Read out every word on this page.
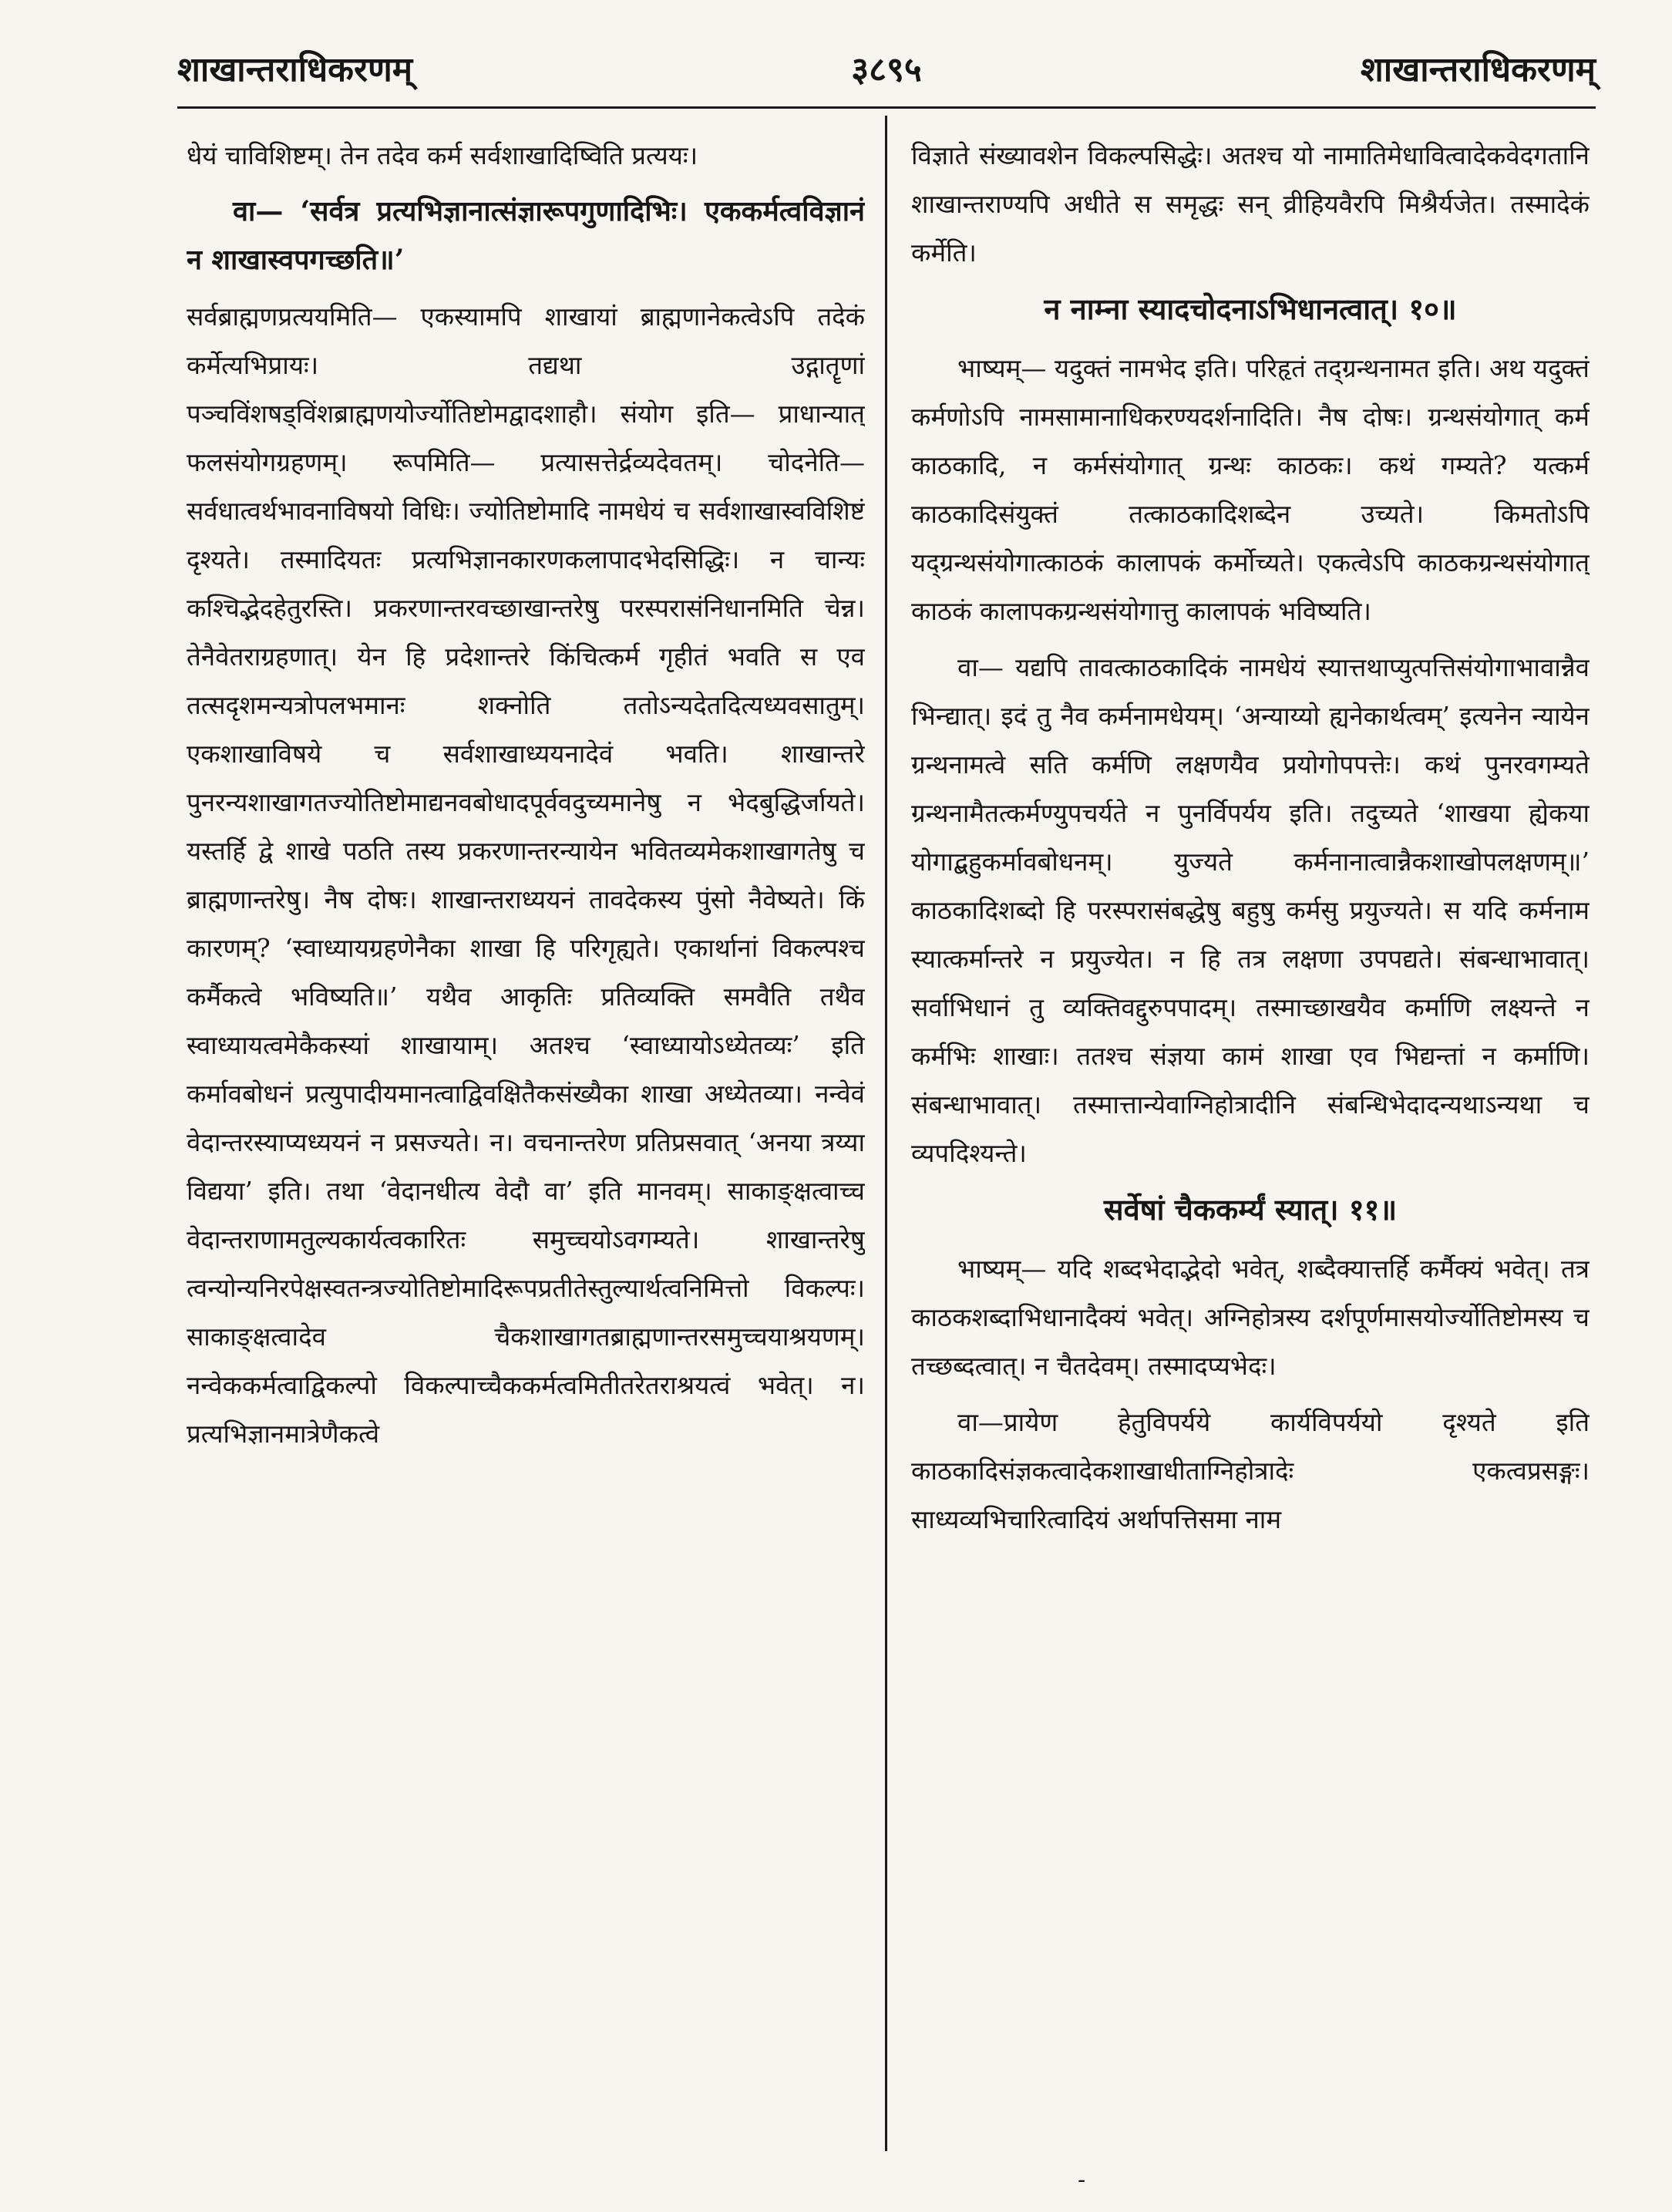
शाखान्तराधिकरणम्	३८९५	शाखान्तराधिकरणम्

धेयं चाविशिष्टम्। तेन तदेव कर्म सर्वशाखादिष्विति प्रत्ययः।

वा— ‘सर्वत्र प्रत्यभिज्ञानात्संज्ञारूपगुणादिभिः। एककर्मत्वविज्ञानं न शाखास्वपगच्छति॥’

सर्वब्राह्मणप्रत्ययमिति— एकस्यामपि शाखायां ब्राह्मणानेकत्वेऽपि तदेकं कर्मेत्यभिप्रायः। तद्यथा उद्गातॄणां पञ्चविंशषड्विंशब्राह्मणयोर्ज्योतिष्टोमद्वादशाहौ। संयोग इति— प्राधान्यात् फलसंयोगग्रहणम्। रूपमिति— प्रत्यासत्तेर्द्रव्यदेवतम्। चोदनेति— सर्वधात्वर्थभावनाविषयो विधिः। ज्योतिष्टोमादि नामधेयं च सर्वशाखास्वविशिष्टं दृश्यते। तस्मादियतः प्रत्यभिज्ञानकारणकलापादभेदसिद्धिः। न चान्यः कश्चिद्भेदहेतुरस्ति। प्रकरणान्तरवच्छाखान्तरेषु परस्परासंनिधानमिति चेन्न। तेनैवेतराग्रहणात्। येन हि प्रदेशान्तरे किंचित्कर्म गृहीतं भवति स एव तत्सदृशमन्यत्रोपलभमानः शक्नोति ततोऽन्यदेतदित्यध्यवसातुम्। एकशाखाविषये च सर्वशाखाध्ययनादेवं भवति। शाखान्तरे पुनरन्यशाखागतज्योतिष्टोमाद्यनवबोधादपूर्ववदुच्यमानेषु न भेदबुद्धिर्जायते। यस्तर्हि द्वे शाखे पठति तस्य प्रकरणान्तरन्यायेन भवितव्यमेकशाखागतेषु च ब्राह्मणान्तरेषु। नैष दोषः। शाखान्तराध्ययनं तावदेकस्य पुंसो नैवेष्यते। किं कारणम्? ‘स्वाध्यायग्रहणेनैका शाखा हि परिगृह्यते। एकार्थानां विकल्पश्च कर्मैकत्वे भविष्यति॥’ यथैव आकृतिः प्रतिव्यक्ति समवैति तथैव स्वाध्यायत्वमेकैकस्यां शाखायाम्। अतश्च ‘स्वाध्यायोऽध्येतव्यः’ इति कर्मावबोधनं प्रत्युपादीयमानत्वाद्विवक्षितैकसंख्यैका शाखा अध्येतव्या। नन्वेवं वेदान्तरस्याप्यध्ययनं न प्रसज्यते। न। वचनान्तरेण प्रतिप्रसवात् ‘अनया त्रय्या विद्यया’ इति। तथा ‘वेदानधीत्य वेदौ वा’ इति मानवम्। साकाङ्क्षत्वाच्च वेदान्तराणामतुल्यकार्यत्वकारितः समुच्चयोऽवगम्यते। शाखान्तरेषु त्वन्योन्यनिरपेक्षस्वतन्त्रज्योतिष्टोमादिरूपप्रतीतेस्तुल्यार्थत्वनिमित्तो विकल्पः। साकाङ्क्षत्वादेव चैकशाखागतब्राह्मणान्तरसमुच्चयाश्रयणम्। नन्वेककर्मत्वाद्विकल्पो विकल्पाच्चैककर्मत्वमितीतरेतराश्रयत्वं भवेत्। न। प्रत्यभिज्ञानमात्रेणैकत्वे

विज्ञाते संख्यावशेन विकल्पसिद्धेः। अतश्च यो नामातिमेधावित्वादेकवेदगतानि शाखान्तराण्यपि अधीते स समृद्धः सन् व्रीहियवैरपि मिश्रैर्यजेत। तस्मादेकं कर्मेति।

न नाम्ना स्यादचोदनाऽभिधानत्वात्। १०॥

भाष्यम्— यदुक्तं नामभेद इति। परिहृतं तद्ग्रन्थनामत इति। अथ यदुक्तं कर्मणोऽपि नामसामानाधिकरण्यदर्शनादिति। नैष दोषः। ग्रन्थसंयोगात् कर्म काठकादि, न कर्मसंयोगात् ग्रन्थः काठकः। कथं गम्यते? यत्कर्म काठकादिसंयुक्तं तत्काठकादिशब्देन उच्यते। किमतोऽपि यद्ग्रन्थसंयोगात्काठकं कालापकं कर्मोच्यते। एकत्वेऽपि काठकग्रन्थसंयोगात् काठकं कालापकग्रन्थसंयोगात्तु कालापकं भविष्यति।

वा— यद्यपि तावत्काठकादिकं नामधेयं स्यात्तथाप्युत्पत्तिसंयोगाभावान्नैव भिन्द्यात्। इदं तु नैव कर्मनामधेयम्। ‘अन्याय्यो ह्यनेकार्थत्वम्’ इत्यनेन न्यायेन ग्रन्थनामत्वे सति कर्मणि लक्षणयैव प्रयोगोपपत्तेः। कथं पुनरवगम्यते ग्रन्थनामैतत्कर्मण्युपचर्यते न पुनर्विपर्यय इति। तदुच्यते ‘शाखया ह्येकया योगाद्बहुकर्मावबोधनम्। युज्यते कर्मनानात्वान्नैकशाखोपलक्षणम्॥’ काठकादिशब्दो हि परस्परासंबद्धेषु बहुषु कर्मसु प्रयुज्यते। स यदि कर्मनाम स्यात्कर्मान्तरे न प्रयुज्येत। न हि तत्र लक्षणा उपपद्यते। संबन्धाभावात्। सर्वाभिधानं तु व्यक्तिवद्दुरुपपादम्। तस्माच्छाखयैव कर्माणि लक्ष्यन्ते न कर्मभिः शाखाः। ततश्च संज्ञया कामं शाखा एव भिद्यन्तां न कर्माणि। संबन्धाभावात्। तस्मात्तान्येवाग्निहोत्रादीनि संबन्धिभेदादन्यथाऽन्यथा च व्यपदिश्यन्ते।

सर्वेषां चैककर्म्यं स्यात्। ११॥

भाष्यम्— यदि शब्दभेदाद्भेदो भवेत्, शब्दैक्यात्तर्हि कर्मैक्यं भवेत्। तत्र काठकशब्दाभिधानादैक्यं भवेत्। अग्निहोत्रस्य दर्शपूर्णमासयोर्ज्योतिष्टोमस्य च तच्छब्दत्वात्। न चैतदेवम्। तस्मादप्यभेदः।

वा—प्रायेण हेतुविपर्यये कार्यविपर्ययो दृश्यते इति काठकादिसंज्ञकत्वादेकशाखाधीताग्निहोत्रादेः एकत्वप्रसङ्गः। साध्यव्यभिचारित्वादियं अर्थापत्तिसमा नाम

-
